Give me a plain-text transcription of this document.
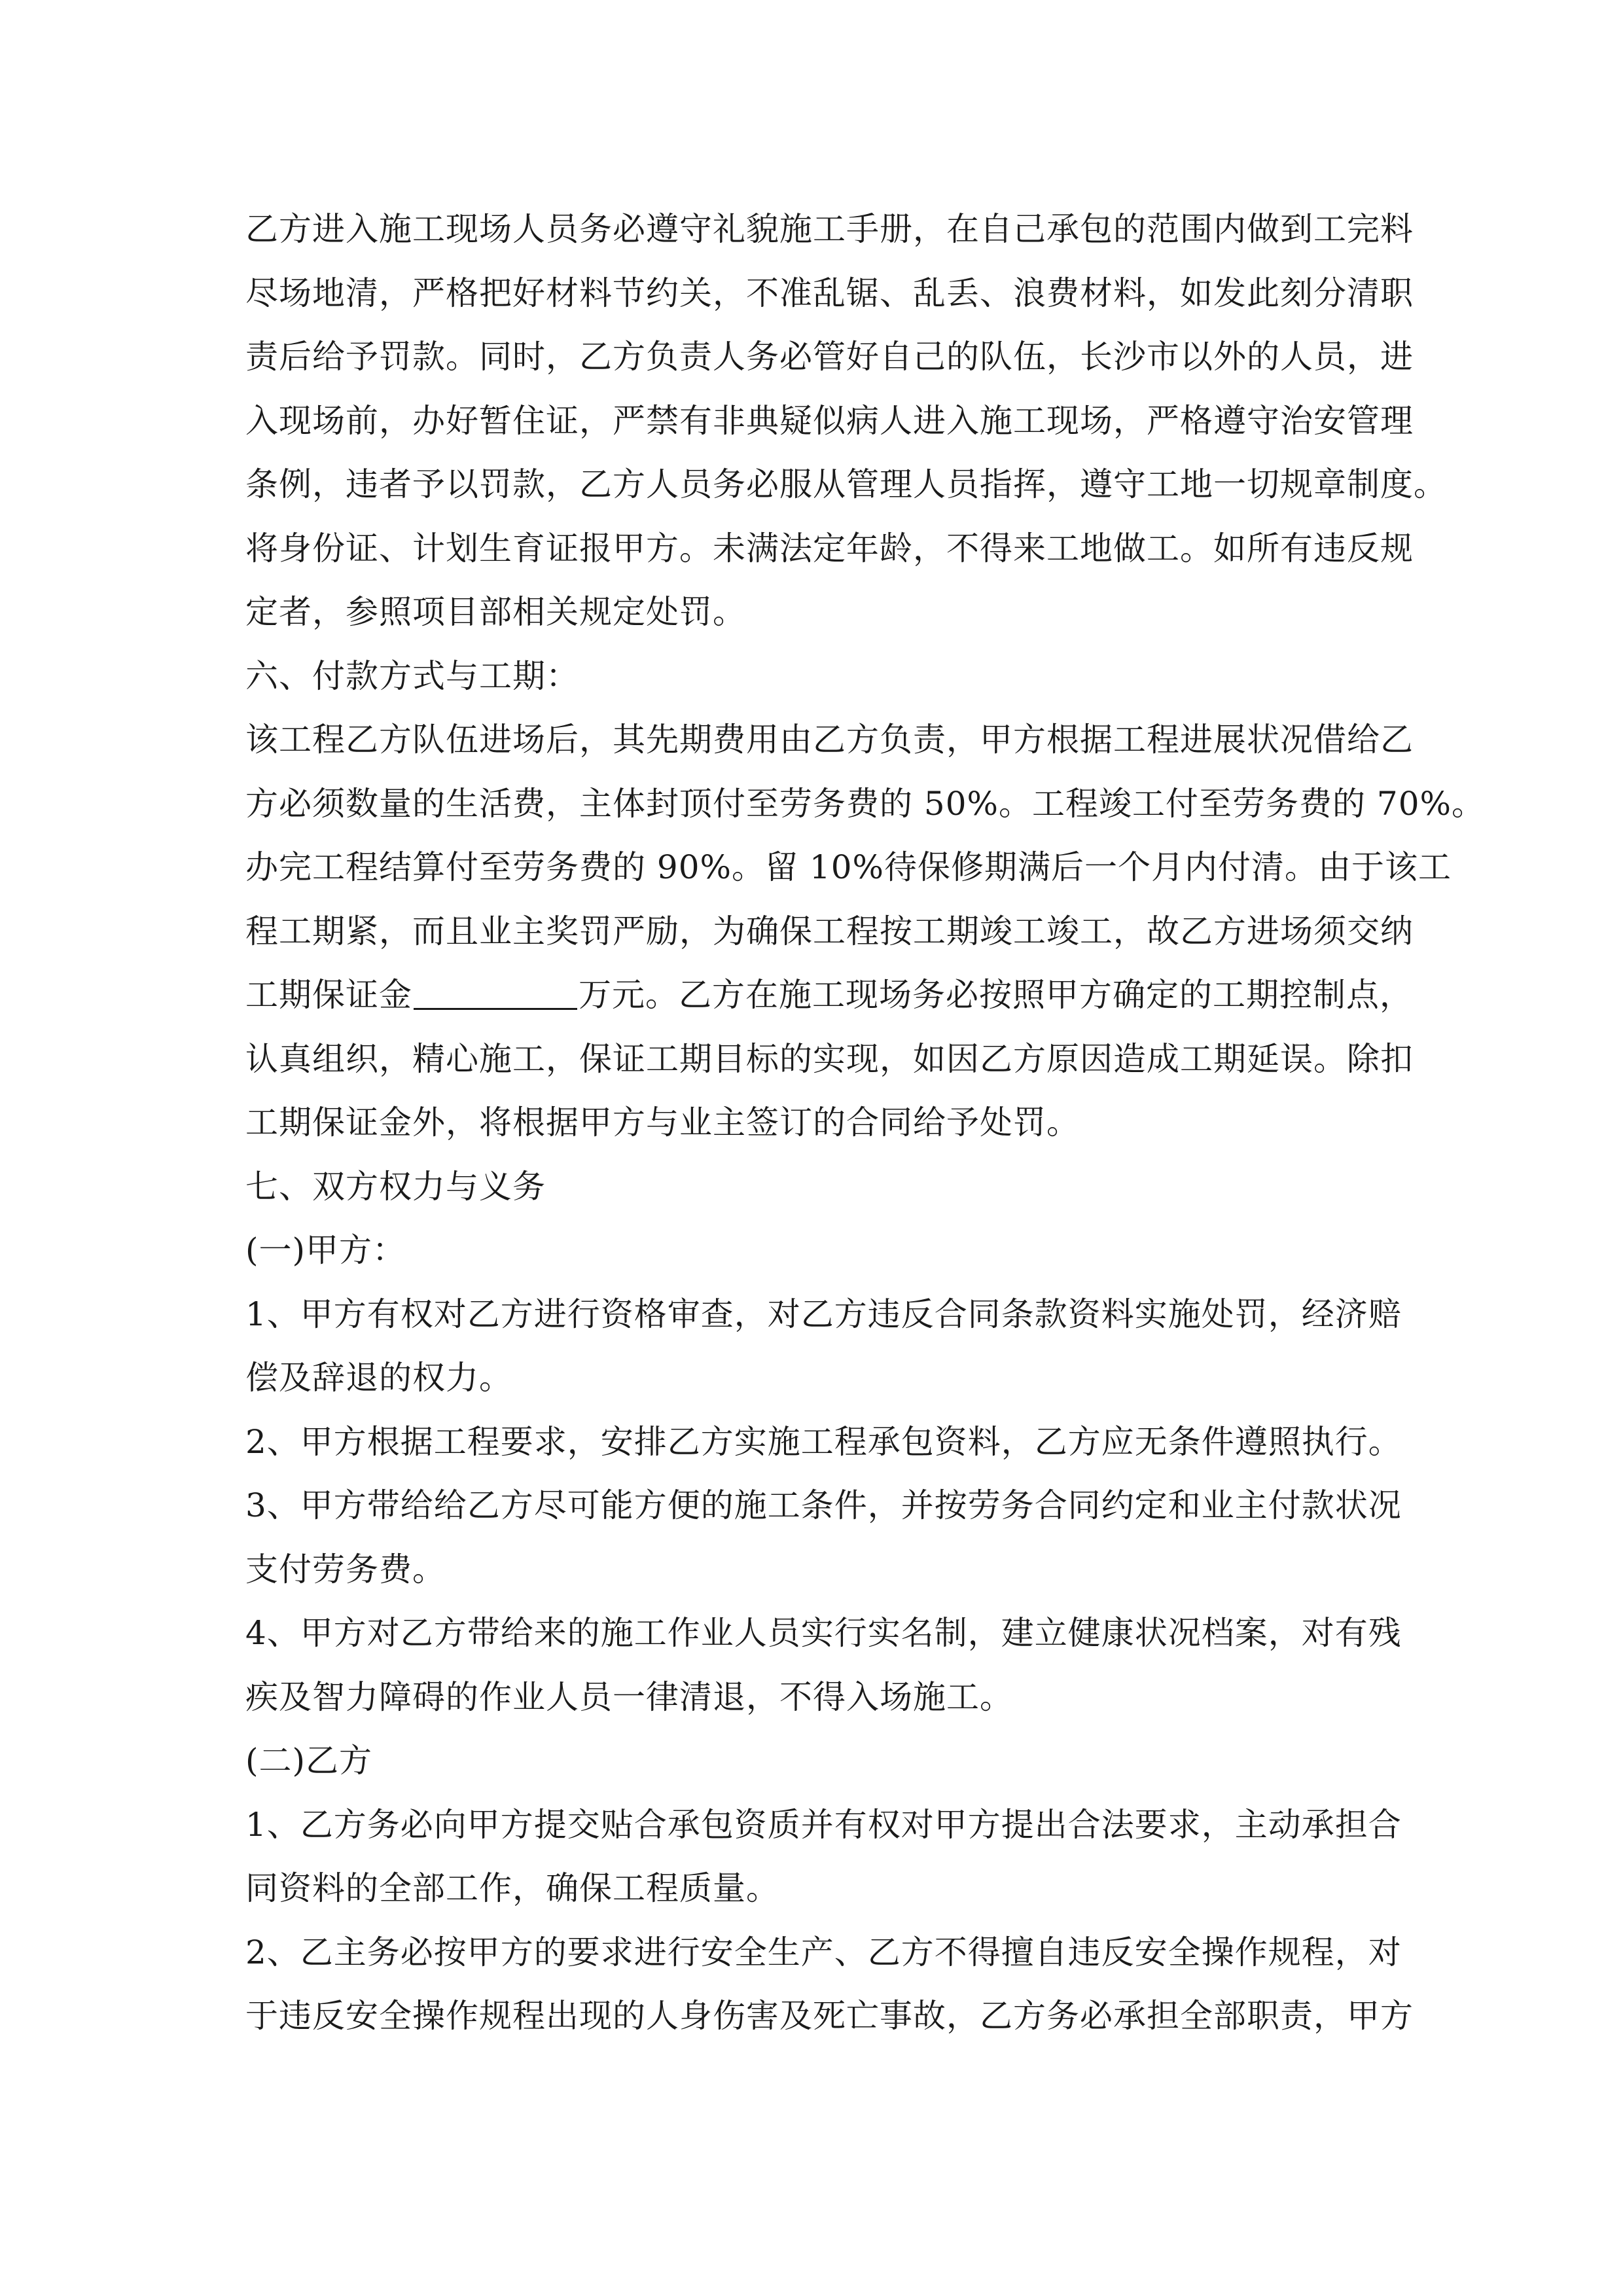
乙方进入施工现场人员务必遵守礼貌施工手册，在自己承包的范围内做到工完料
尽场地清，严格把好材料节约关，不准乱锯、乱丢、浪费材料，如发此刻分清职
责后给予罚款。同时，乙方负责人务必管好自己的队伍，长沙市以外的人员，进
入现场前，办好暂住证，严禁有非典疑似病人进入施工现场，严格遵守治安管理
条例，违者予以罚款，乙方人员务必服从管理人员指挥，遵守工地一切规章制度。
将身份证、计划生育证报甲方。未满法定年龄，不得来工地做工。如所有违反规
定者，参照项目部相关规定处罚。
六、付款方式与工期：
该工程乙方队伍进场后，其先期费用由乙方负责，甲方根据工程进展状况借给乙
方必须数量的生活费，主体封顶付至劳务费的 50%。工程竣工付至劳务费的 70%。
办完工程结算付至劳务费的 90%。留 10%待保修期满后一个月内付清。由于该工
程工期紧，而且业主奖罚严励，为确保工程按工期竣工竣工，故乙方进场须交纳
工期保证金	万元。乙方在施工现场务必按照甲方确定的工期控制点，
认真组织，精心施工，保证工期目标的实现，如因乙方原因造成工期延误。除扣
工期保证金外，将根据甲方与业主签订的合同给予处罚。
七、双方权力与义务
(一)甲方：
1、甲方有权对乙方进行资格审查，对乙方违反合同条款资料实施处罚，经济赔
偿及辞退的权力。
2、甲方根据工程要求，安排乙方实施工程承包资料，乙方应无条件遵照执行。
3、甲方带给给乙方尽可能方便的施工条件，并按劳务合同约定和业主付款状况
支付劳务费。
4、甲方对乙方带给来的施工作业人员实行实名制，建立健康状况档案，对有残
疾及智力障碍的作业人员一律清退，不得入场施工。
(二)乙方
1、乙方务必向甲方提交贴合承包资质并有权对甲方提出合法要求，主动承担合
同资料的全部工作，确保工程质量。
2、乙主务必按甲方的要求进行安全生产、乙方不得擅自违反安全操作规程，对
于违反安全操作规程出现的人身伤害及死亡事故，乙方务必承担全部职责，甲方
